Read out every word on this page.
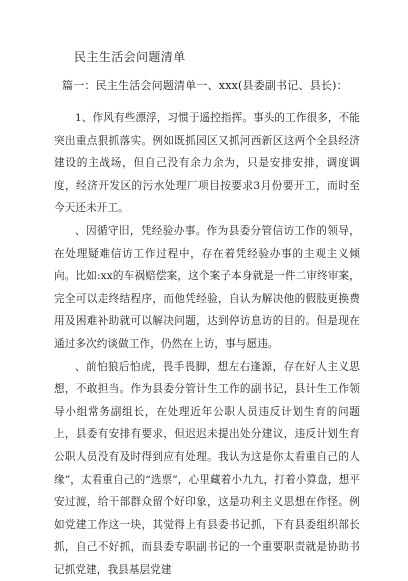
民主生活会问题清单
篇一：民主生活会问题清单一、xxx(县委副书记、县长)：

1、作风有些漂浮，习惯于遥控指挥。事头的工作很多，不能突出重点狠抓落实。例如既抓园区又抓河西新区这两个全县经济建设的主战场，但自己没有余力余为，只是安排安排，调度调度，经济开发区的污水处理厂项目按要求3月份要开工，而时至今天还未开工。

、因循守旧，凭经验办事。作为县委分管信访工作的领导，在处理疑难信访工作过程中，存在着凭经验办事的主观主义倾向。比如:xx的车祸赔偿案，这个案子本身就是一件二审终审案，完全可以走终结程序，而他凭经验，自认为解决他的假肢更换费用及困难补助就可以解决问题，达到停访息访的目的。但是现在通过多次约谈做工作，仍然在上访，事与愿违。

、前怕狼后怕虎，畏手畏脚，想左右逢源，存在好人主义思想，不敢担当。作为县委分管计生工作的副书记，县计生工作领导小组常务副组长，在处理近年公职人员违反计划生育的问题上，县委有安排有要求，但迟迟未提出处分建议，违反计划生育公职人员没有及时得到应有处理。我认为这是你太看重自己的人缘”，太看重自己的“选票”，心里藏着小九九，打着小算盘，想平安过渡，给干部群众留个好印象，这是功利主义思想在作怪。例如党建工作这一块，其觉得上有县委书记抓，下有县委组织部长抓，自己不好抓，而县委专职副书记的一个重要职责就是协助书记抓党建，我县基层党建
